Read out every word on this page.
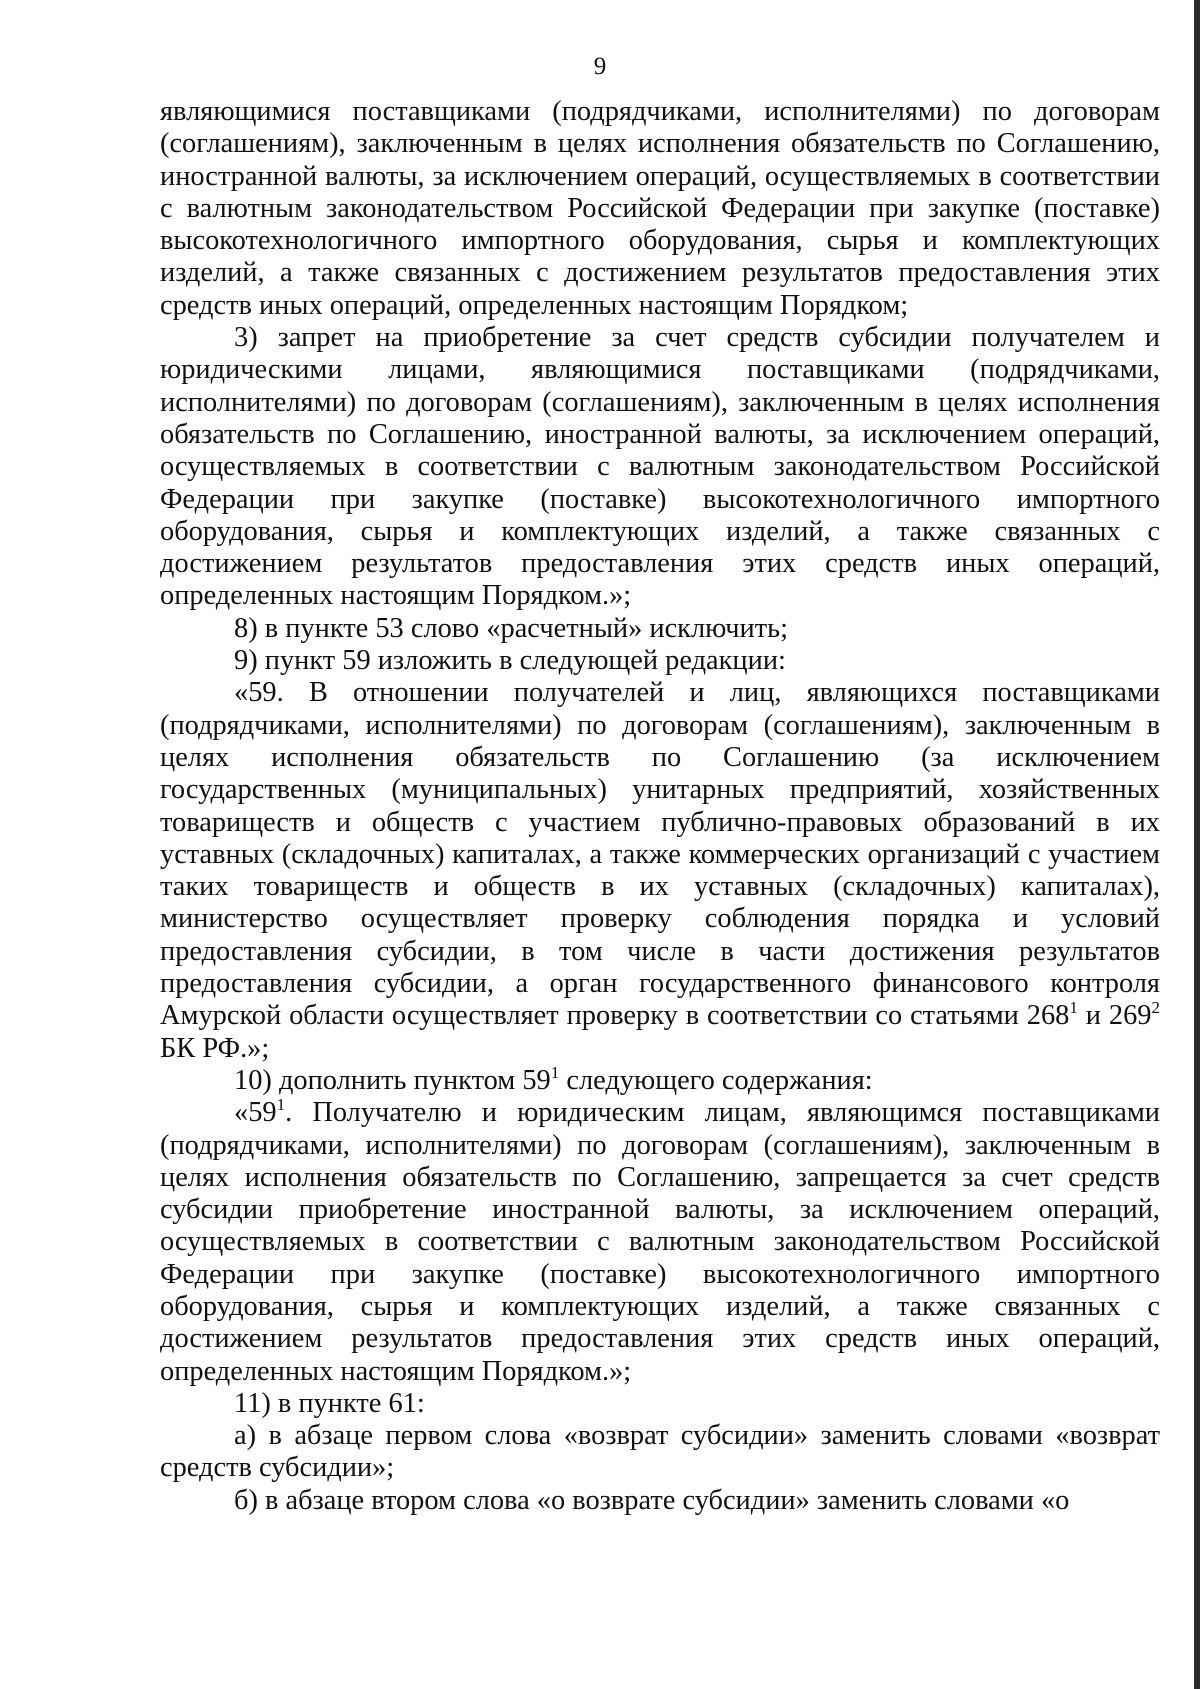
9

являющимися поставщиками (подрядчиками, исполнителями) по договорам (соглашениям), заключенным в целях исполнения обязательств по Соглашению, иностранной валюты, за исключением операций, осуществляемых в соответствии с валютным законодательством Российской Федерации при закупке (поставке) высокотехнологичного импортного оборудования, сырья и комплектующих изделий, а также связанных с достижением результатов предоставления этих средств иных операций, определенных настоящим Порядком;

3) запрет на приобретение за счет средств субсидии получателем и юридическими лицами, являющимися поставщиками (подрядчиками, исполнителями) по договорам (соглашениям), заключенным в целях исполнения обязательств по Соглашению, иностранной валюты, за исключением операций, осуществляемых в соответствии с валютным законодательством Российской Федерации при закупке (поставке) высокотехнологичного импортного оборудования, сырья и комплектующих изделий, а также связанных с достижением результатов предоставления этих средств иных операций, определенных настоящим Порядком.»;

8) в пункте 53 слово «расчетный» исключить;

9) пункт 59 изложить в следующей редакции:

«59. В отношении получателей и лиц, являющихся поставщиками (подрядчиками, исполнителями) по договорам (соглашениям), заключенным в целях исполнения обязательств по Соглашению (за исключением государственных (муниципальных) унитарных предприятий, хозяйственных товариществ и обществ с участием публично-правовых образований в их уставных (складочных) капиталах, а также коммерческих организаций с участием таких товариществ и обществ в их уставных (складочных) капиталах), министерство осуществляет проверку соблюдения порядка и условий предоставления субсидии, в том числе в части достижения результатов предоставления субсидии, а орган государственного финансового контроля Амурской области осуществляет проверку в соответствии со статьями $268^1$ и $269^2$ БК РФ.»;

10) дополнить пунктом $59^1$ следующего содержания:

«$59^1$. Получателю и юридическим лицам, являющимся поставщиками (подрядчиками, исполнителями) по договорам (соглашениям), заключенным в целях исполнения обязательств по Соглашению, запрещается за счет средств субсидии приобретение иностранной валюты, за исключением операций, осуществляемых в соответствии с валютным законодательством Российской Федерации при закупке (поставке) высокотехнологичного импортного оборудования, сырья и комплектующих изделий, а также связанных с достижением результатов предоставления этих средств иных операций, определенных настоящим Порядком.»;

11) в пункте 61:

а) в абзаце первом слова «возврат субсидии» заменить словами «возврат средств субсидии»;

б) в абзаце втором слова «о возврате субсидии» заменить словами «о
